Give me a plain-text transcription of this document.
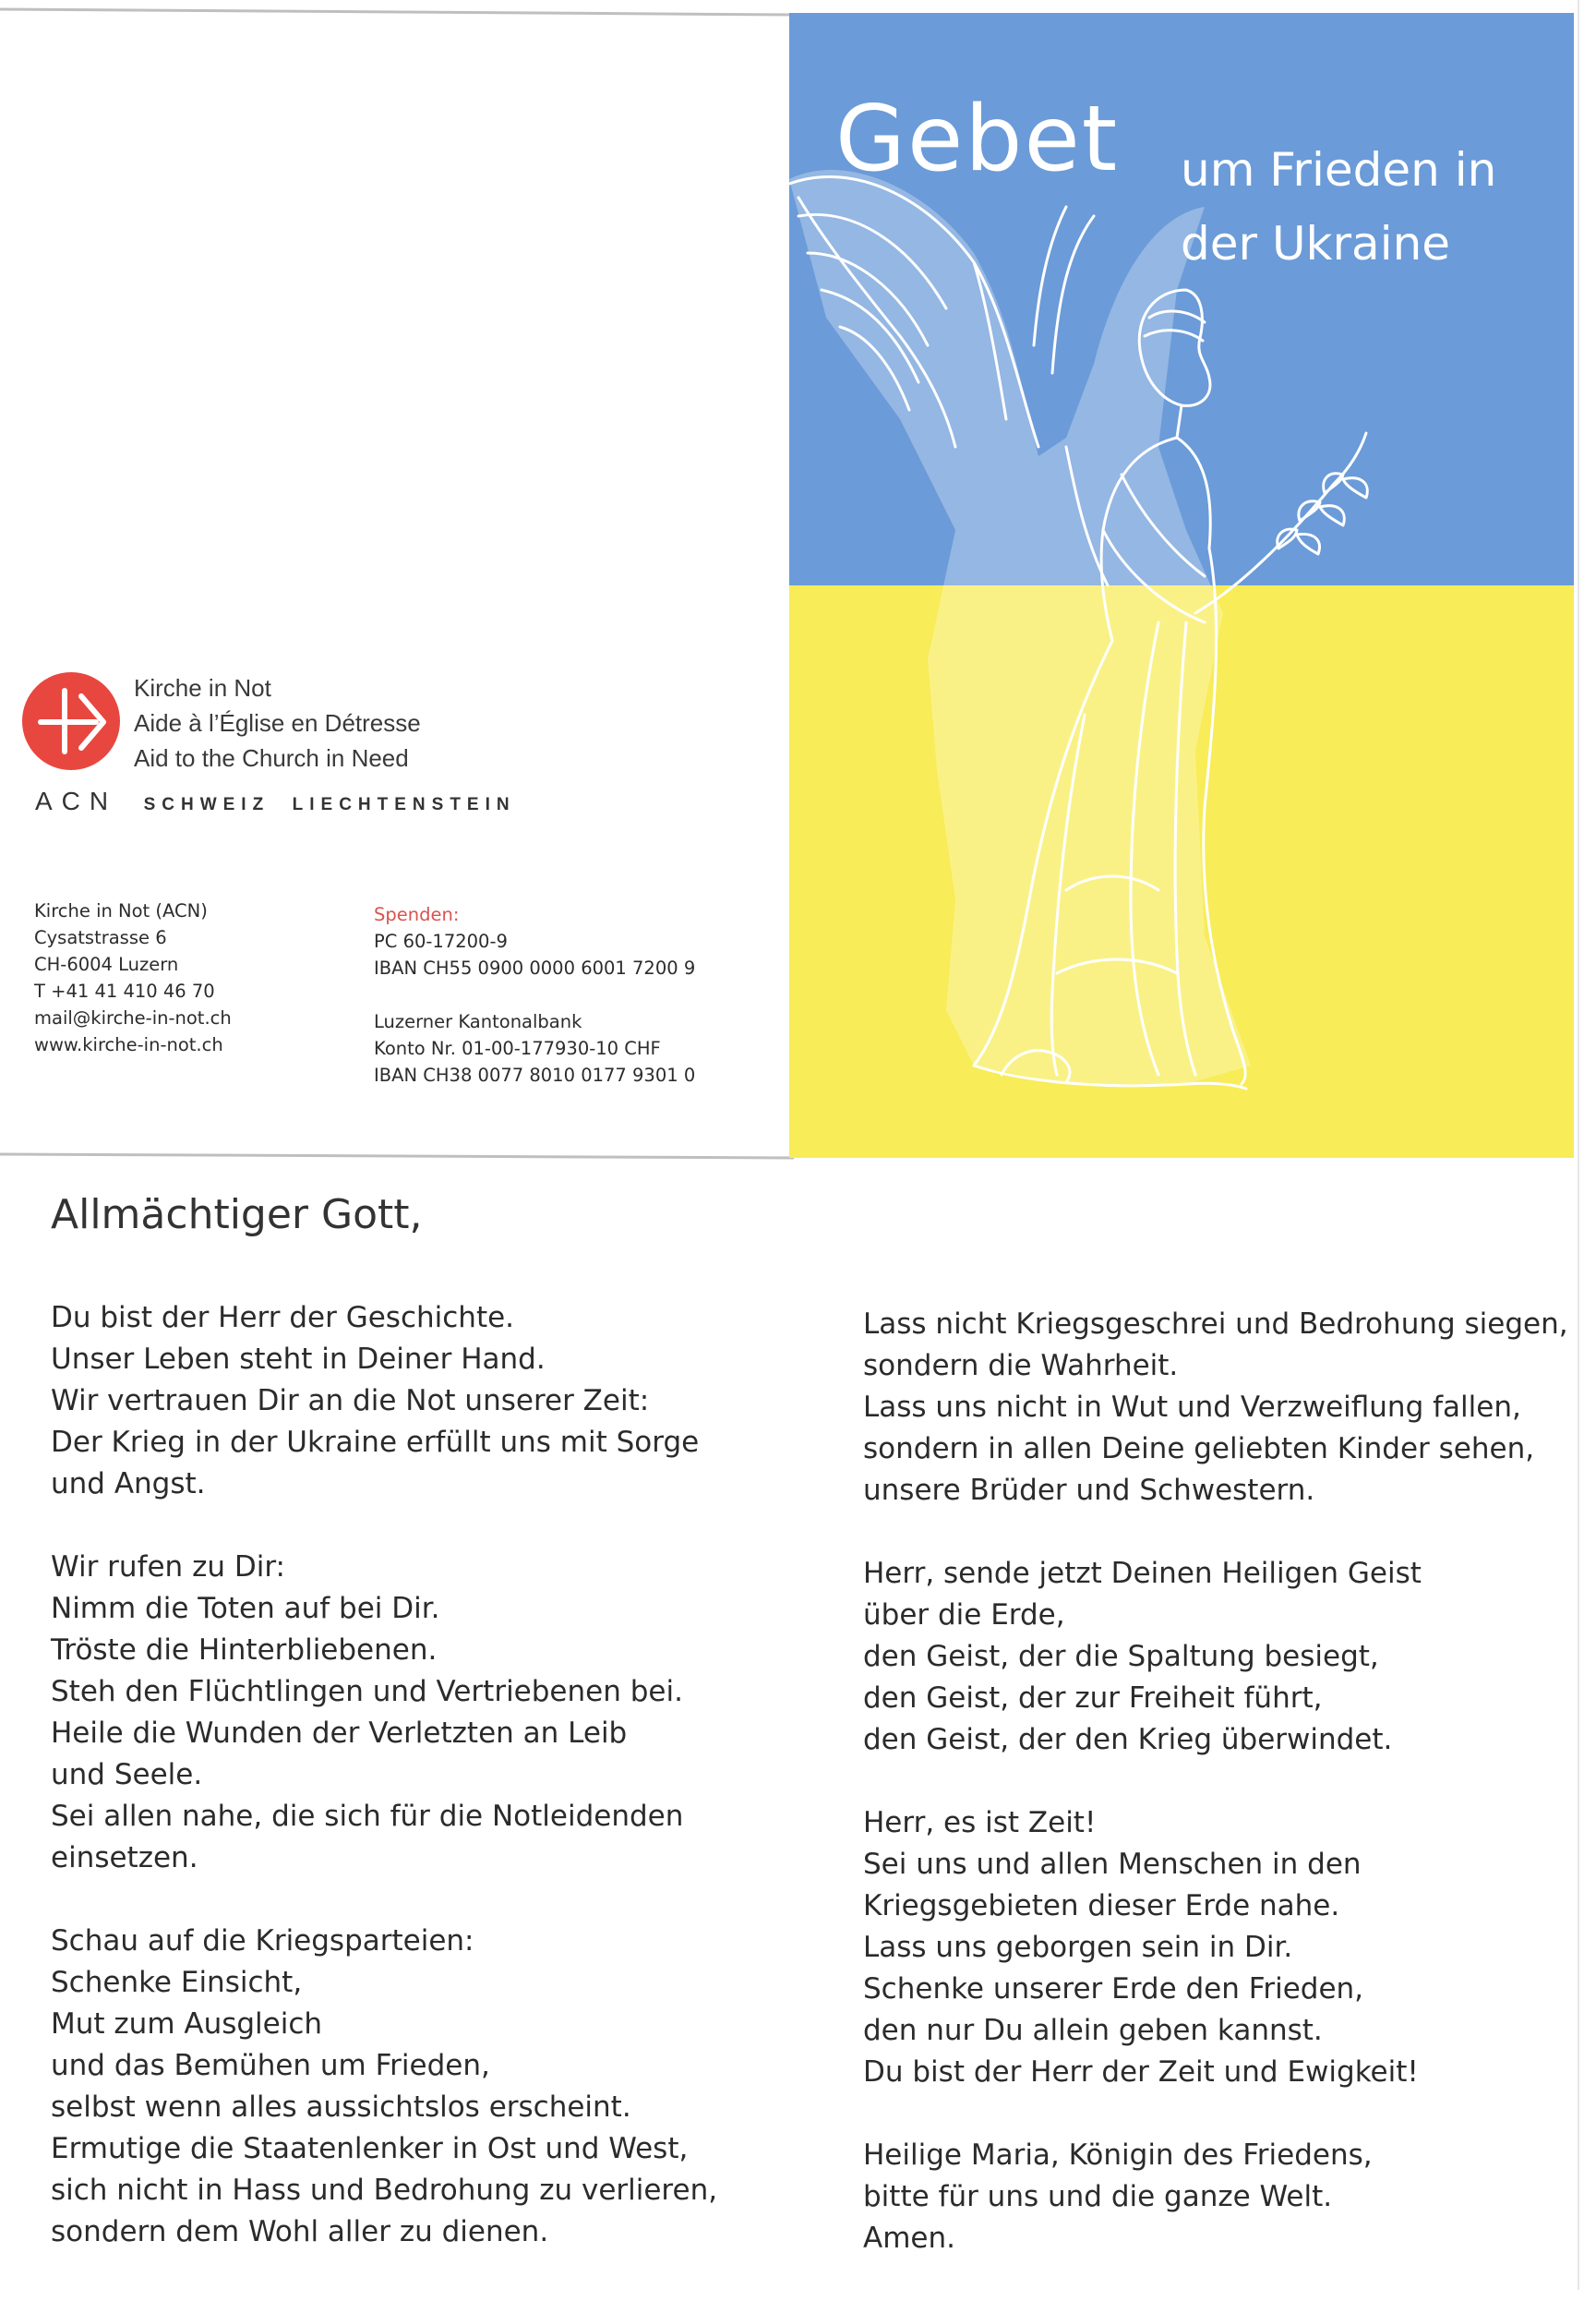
Kirche in Not
Aide à l’Église en Détresse
Aid to the Church in Need
ACN SCHWEIZ LIECHTENSTEIN
Kirche in Not (ACN)
Cysatstrasse 6
CH-6004 Luzern
T +41 41 410 46 70
mail@kirche-in-not.ch
www.kirche-in-not.ch
Spenden:
PC 60-17200-9
IBAN CH55 0900 0000 6001 7200 9
Luzerner Kantonalbank
Konto Nr. 01-00-177930-10 CHF
IBAN CH38 0077 8010 0177 9301 0
Gebet um Frieden in
der Ukraine
Allmächtiger Gott,
Du bist der Herr der Geschichte.
Unser Leben steht in Deiner Hand.
Wir vertrauen Dir an die Not unserer Zeit:
Der Krieg in der Ukraine erfüllt uns mit Sorge
und Angst.
Wir rufen zu Dir:
Nimm die Toten auf bei Dir.
Tröste die Hinterbliebenen.
Steh den Flüchtlingen und Vertriebenen bei.
Heile die Wunden der Verletzten an Leib
und Seele.
Sei allen nahe, die sich für die Notleidenden
einsetzen.
Schau auf die Kriegsparteien:
Schenke Einsicht,
Mut zum Ausgleich
und das Bemühen um Frieden,
selbst wenn alles aussichtslos erscheint.
Ermutige die Staatenlenker in Ost und West,
sich nicht in Hass und Bedrohung zu verlieren,
sondern dem Wohl aller zu dienen.
Lass nicht Kriegsgeschrei und Bedrohung siegen,
sondern die Wahrheit.
Lass uns nicht in Wut und Verzweiflung fallen,
sondern in allen Deine geliebten Kinder sehen,
unsere Brüder und Schwestern.
Herr, sende jetzt Deinen Heiligen Geist
über die Erde,
den Geist, der die Spaltung besiegt,
den Geist, der zur Freiheit führt,
den Geist, der den Krieg überwindet.
Herr, es ist Zeit!
Sei uns und allen Menschen in den
Kriegsgebieten dieser Erde nahe.
Lass uns geborgen sein in Dir.
Schenke unserer Erde den Frieden,
den nur Du allein geben kannst.
Du bist der Herr der Zeit und Ewigkeit!
Heilige Maria, Königin des Friedens,
bitte für uns und die ganze Welt.
Amen.
